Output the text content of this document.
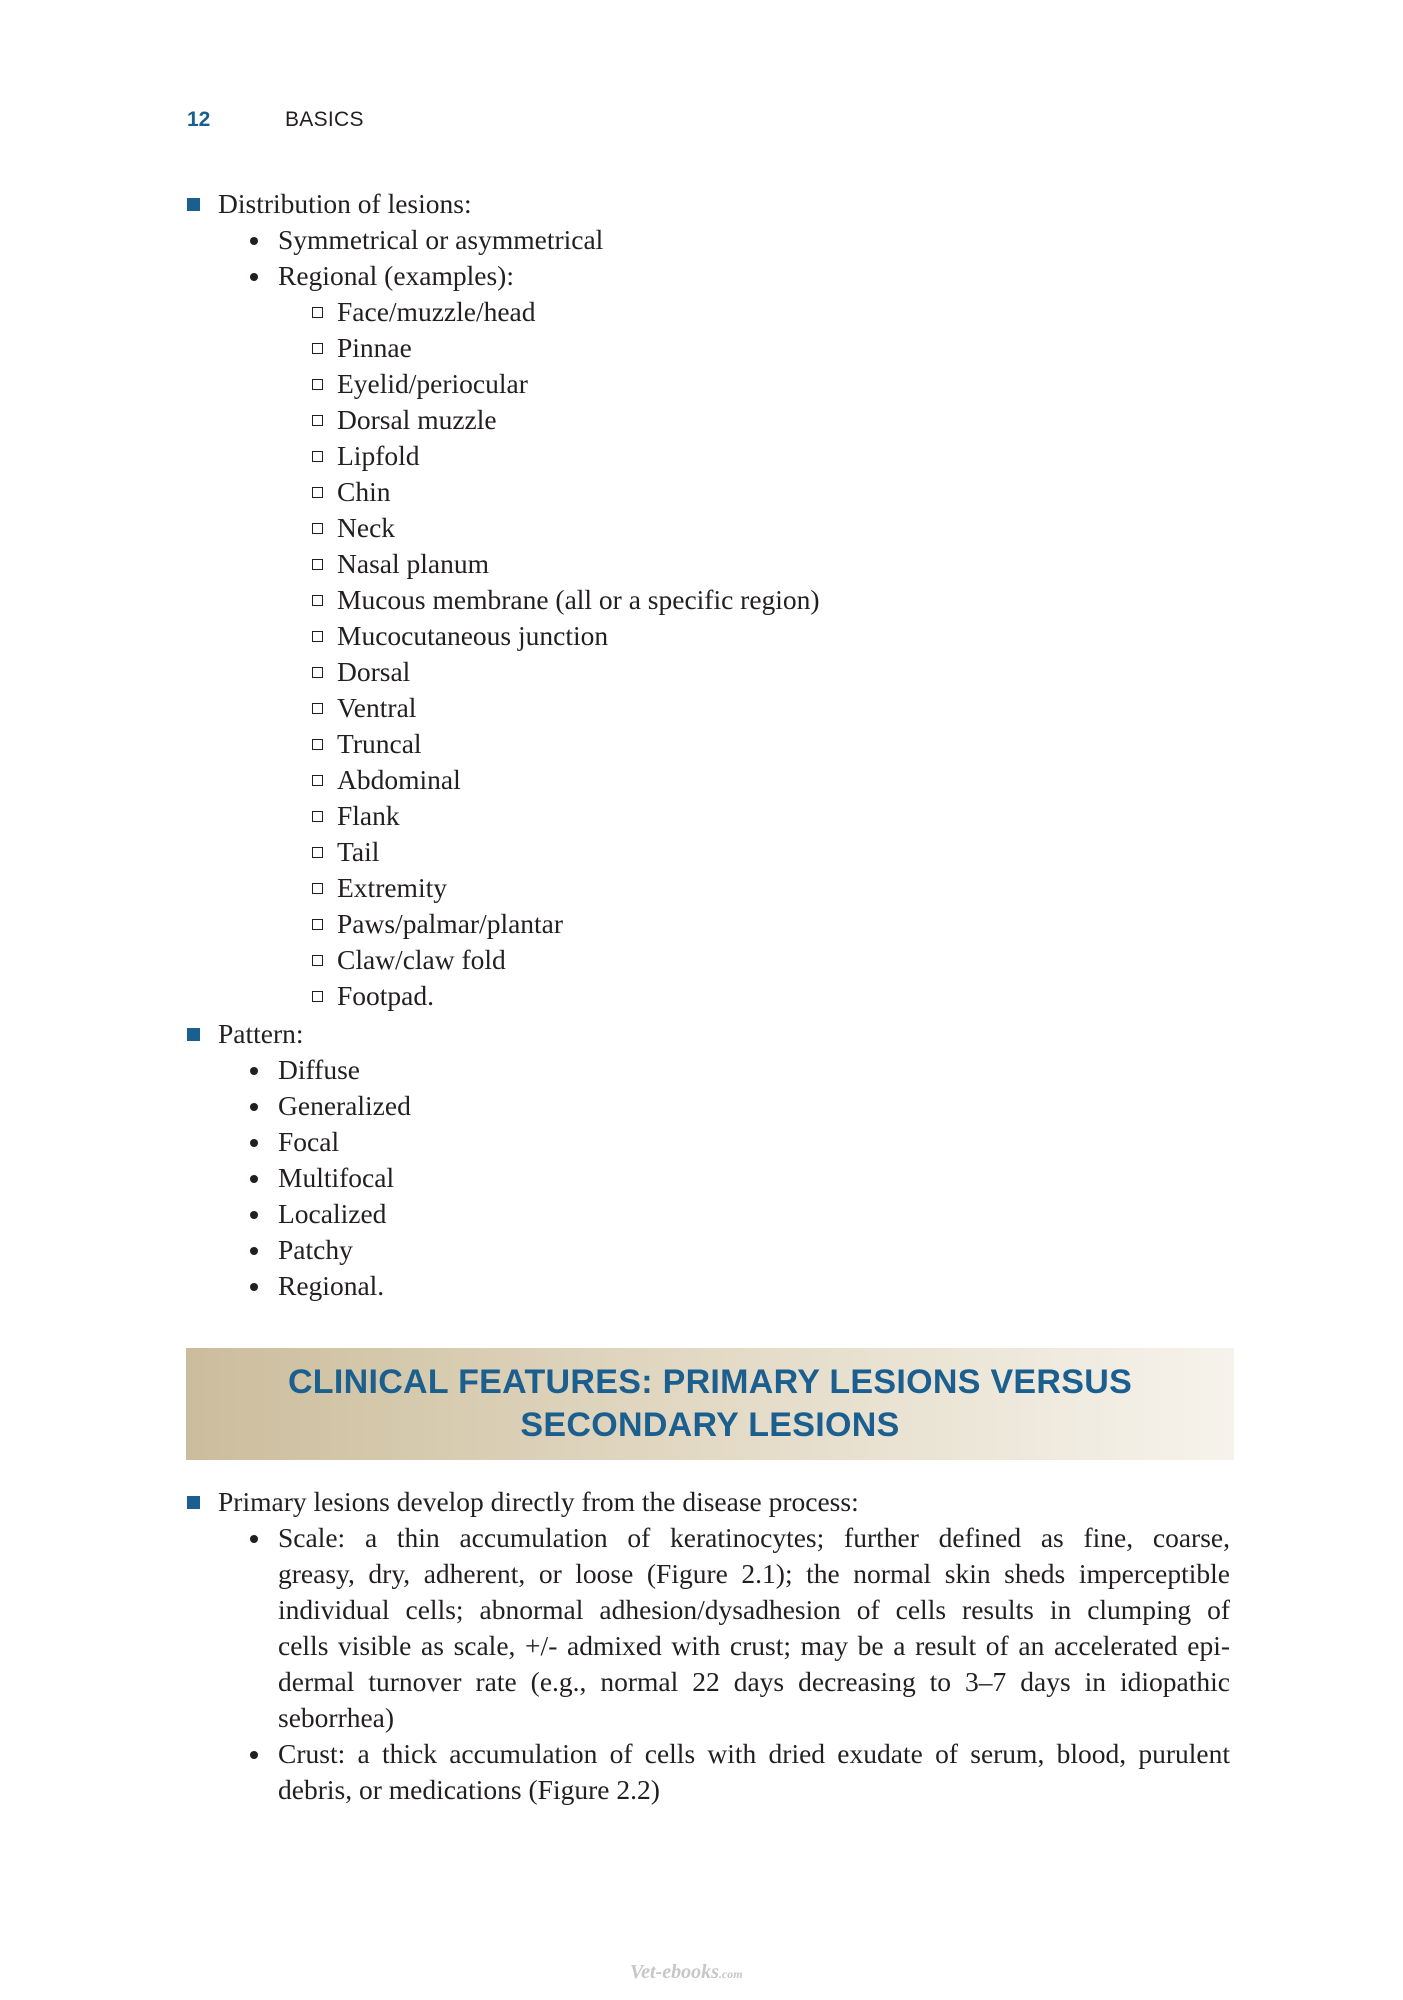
12	BASICS
Distribution of lesions:
Symmetrical or asymmetrical
Regional (examples):
Face/muzzle/head
Pinnae
Eyelid/periocular
Dorsal muzzle
Lipfold
Chin
Neck
Nasal planum
Mucous membrane (all or a specific region)
Mucocutaneous junction
Dorsal
Ventral
Truncal
Abdominal
Flank
Tail
Extremity
Paws/palmar/plantar
Claw/claw fold
Footpad.
Pattern:
Diffuse
Generalized
Focal
Multifocal
Localized
Patchy
Regional.
CLINICAL FEATURES: PRIMARY LESIONS VERSUS
SECONDARY LESIONS
Primary lesions develop directly from the disease process:
Scale: a thin accumulation of keratinocytes; further defined as fine, coarse,
greasy, dry, adherent, or loose (Figure 2.1); the normal skin sheds imperceptible
individual cells; abnormal adhesion/dysadhesion of cells results in clumping of
cells visible as scale, +/- admixed with crust; may be a result of an accelerated epi-
dermal turnover rate (e.g., normal 22 days decreasing to 3–7 days in idiopathic
seborrhea)
Crust: a thick accumulation of cells with dried exudate of serum, blood, purulent
debris, or medications (Figure 2.2)
Vet-ebooks.com
